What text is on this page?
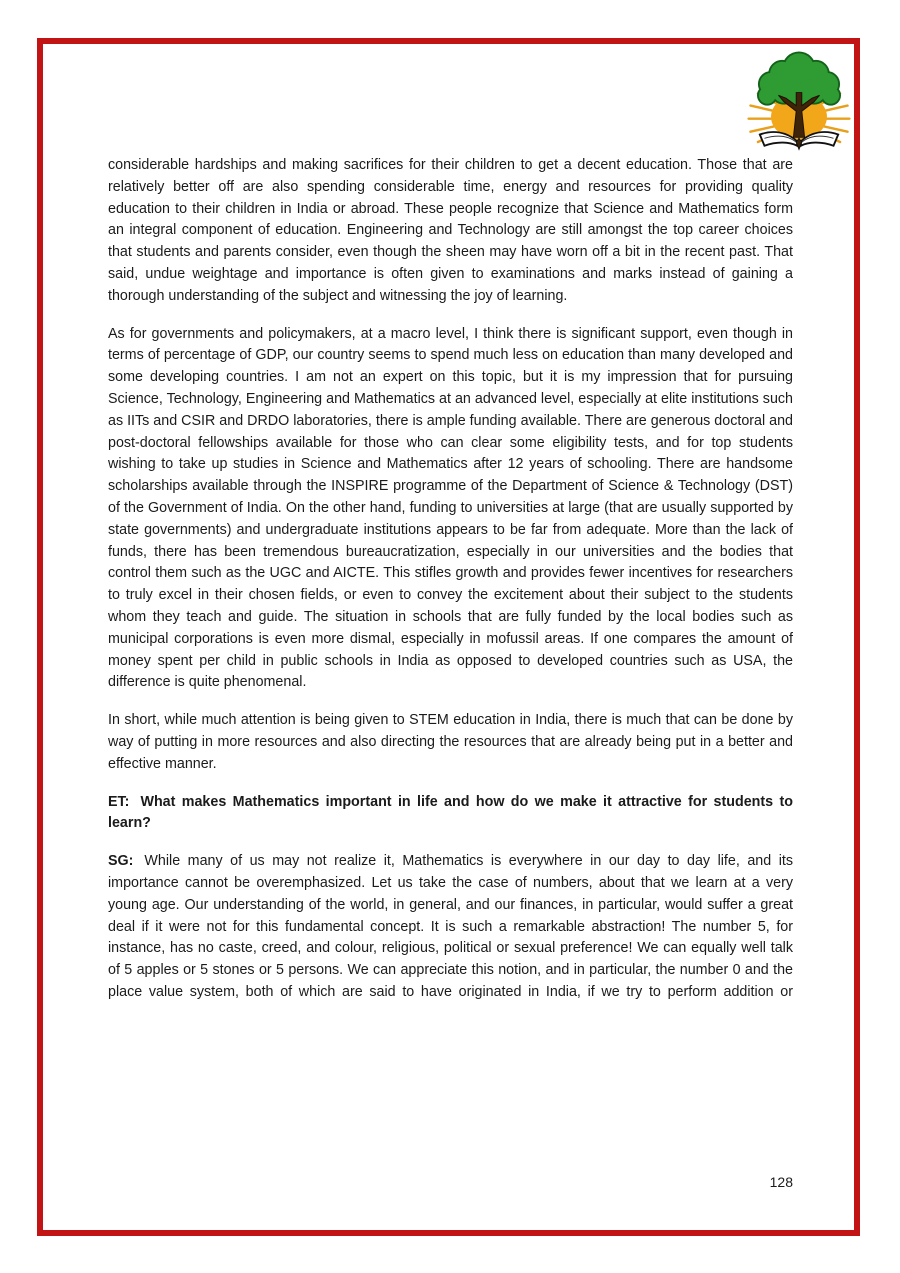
considerable hardships and making sacrifices for their children to get a decent education. Those that are relatively better off are also spending considerable time, energy and resources for providing quality education to their children in India or abroad. These people recognize that Science and Mathematics form an integral component of education. Engineering and Technology are still amongst the top career choices that students and parents consider, even though the sheen may have worn off a bit in the recent past. That said, undue weightage and importance is often given to examinations and marks instead of gaining a thorough understanding of the subject and witnessing the joy of learning.

As for governments and policymakers, at a macro level, I think there is significant support, even though in terms of percentage of GDP, our country seems to spend much less on education than many developed and some developing countries. I am not an expert on this topic, but it is my impression that for pursuing Science, Technology, Engineering and Mathematics at an advanced level, especially at elite institutions such as IITs and CSIR and DRDO laboratories, there is ample funding available. There are generous doctoral and post-doctoral fellowships available for those who can clear some eligibility tests, and for top students wishing to take up studies in Science and Mathematics after 12 years of schooling. There are handsome scholarships available through the INSPIRE programme of the Department of Science & Technology (DST) of the Government of India. On the other hand, funding to universities at large (that are usually supported by state governments) and undergraduate institutions appears to be far from adequate. More than the lack of funds, there has been tremendous bureaucratization, especially in our universities and the bodies that control them such as the UGC and AICTE. This stifles growth and provides fewer incentives for researchers to truly excel in their chosen fields, or even to convey the excitement about their subject to the students whom they teach and guide. The situation in schools that are fully funded by the local bodies such as municipal corporations is even more dismal, especially in mofussil areas. If one compares the amount of money spent per child in public schools in India as opposed to developed countries such as USA, the difference is quite phenomenal.

In short, while much attention is being given to STEM education in India, there is much that can be done by way of putting in more resources and also directing the resources that are already being put in a better and effective manner.

ET: What makes Mathematics important in life and how do we make it attractive for students to learn?

SG: While many of us may not realize it, Mathematics is everywhere in our day to day life, and its importance cannot be overemphasized. Let us take the case of numbers, about that we learn at a very young age. Our understanding of the world, in general, and our finances, in particular, would suffer a great deal if it were not for this fundamental concept. It is such a remarkable abstraction! The number 5, for instance, has no caste, creed, and colour, religious, political or sexual preference! We can equally well talk of 5 apples or 5 stones or 5 persons. We can appreciate this notion, and in particular, the number 0 and the place value system, both of which are said to have originated in India, if we try to perform addition or

128
